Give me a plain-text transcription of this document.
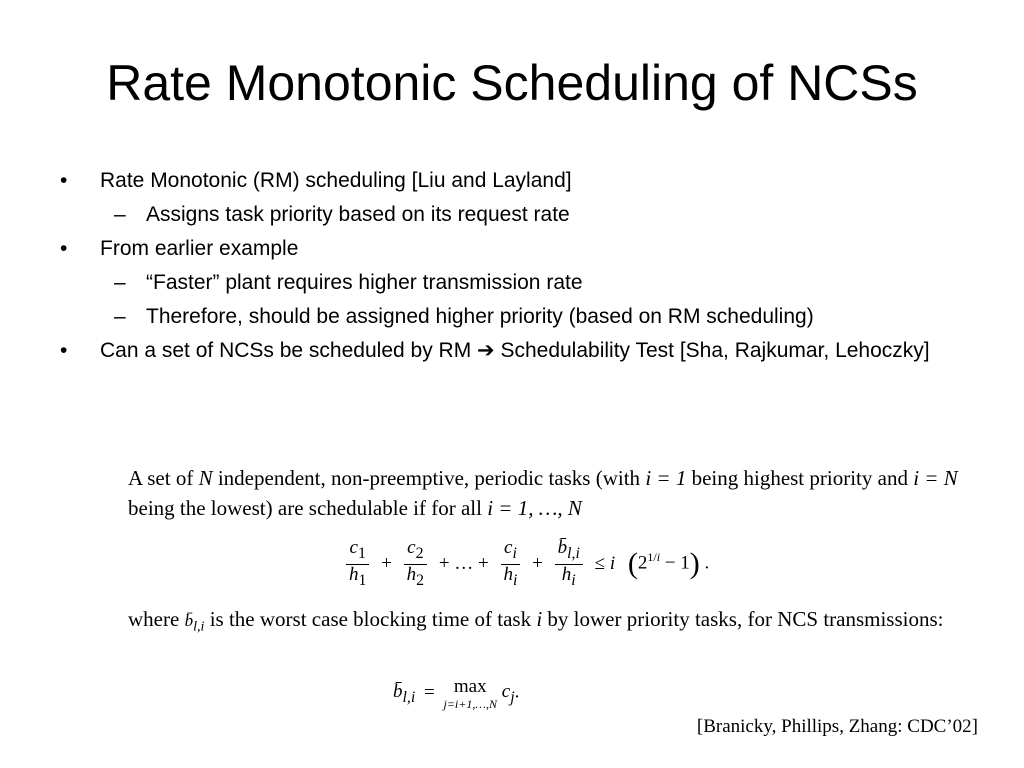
Rate Monotonic Scheduling of NCSs
• Rate Monotonic (RM) scheduling [Liu and Layland]
– Assigns task priority based on its request rate
• From earlier example
– “Faster” plant requires higher transmission rate
– Therefore, should be assigned higher priority (based on RM scheduling)
• Can a set of NCSs be scheduled by RM ➔ Schedulability Test [Sha, Rajkumar, Lehoczky]
A set of N independent, non-preemptive, periodic tasks (with i = 1 being highest priority and i = N being the lowest) are schedulable if for all i = 1, …, N
$\frac{c_1}{h_1} + \frac{c_2}{h_2}$ + … + $\frac{c_i}{h_i} + \frac{b̄_{l,i}}{h_i} \le i$ $(2^{1/i} - 1)$ .
where $b̄_{l,i}$ is the worst case blocking time of task i by lower priority tasks, for NCS transmissions:
$b̄_{l,i} = \max$
j=i+1,…,N
$c_j$.
[Branicky, Phillips, Zhang: CDC’02]
